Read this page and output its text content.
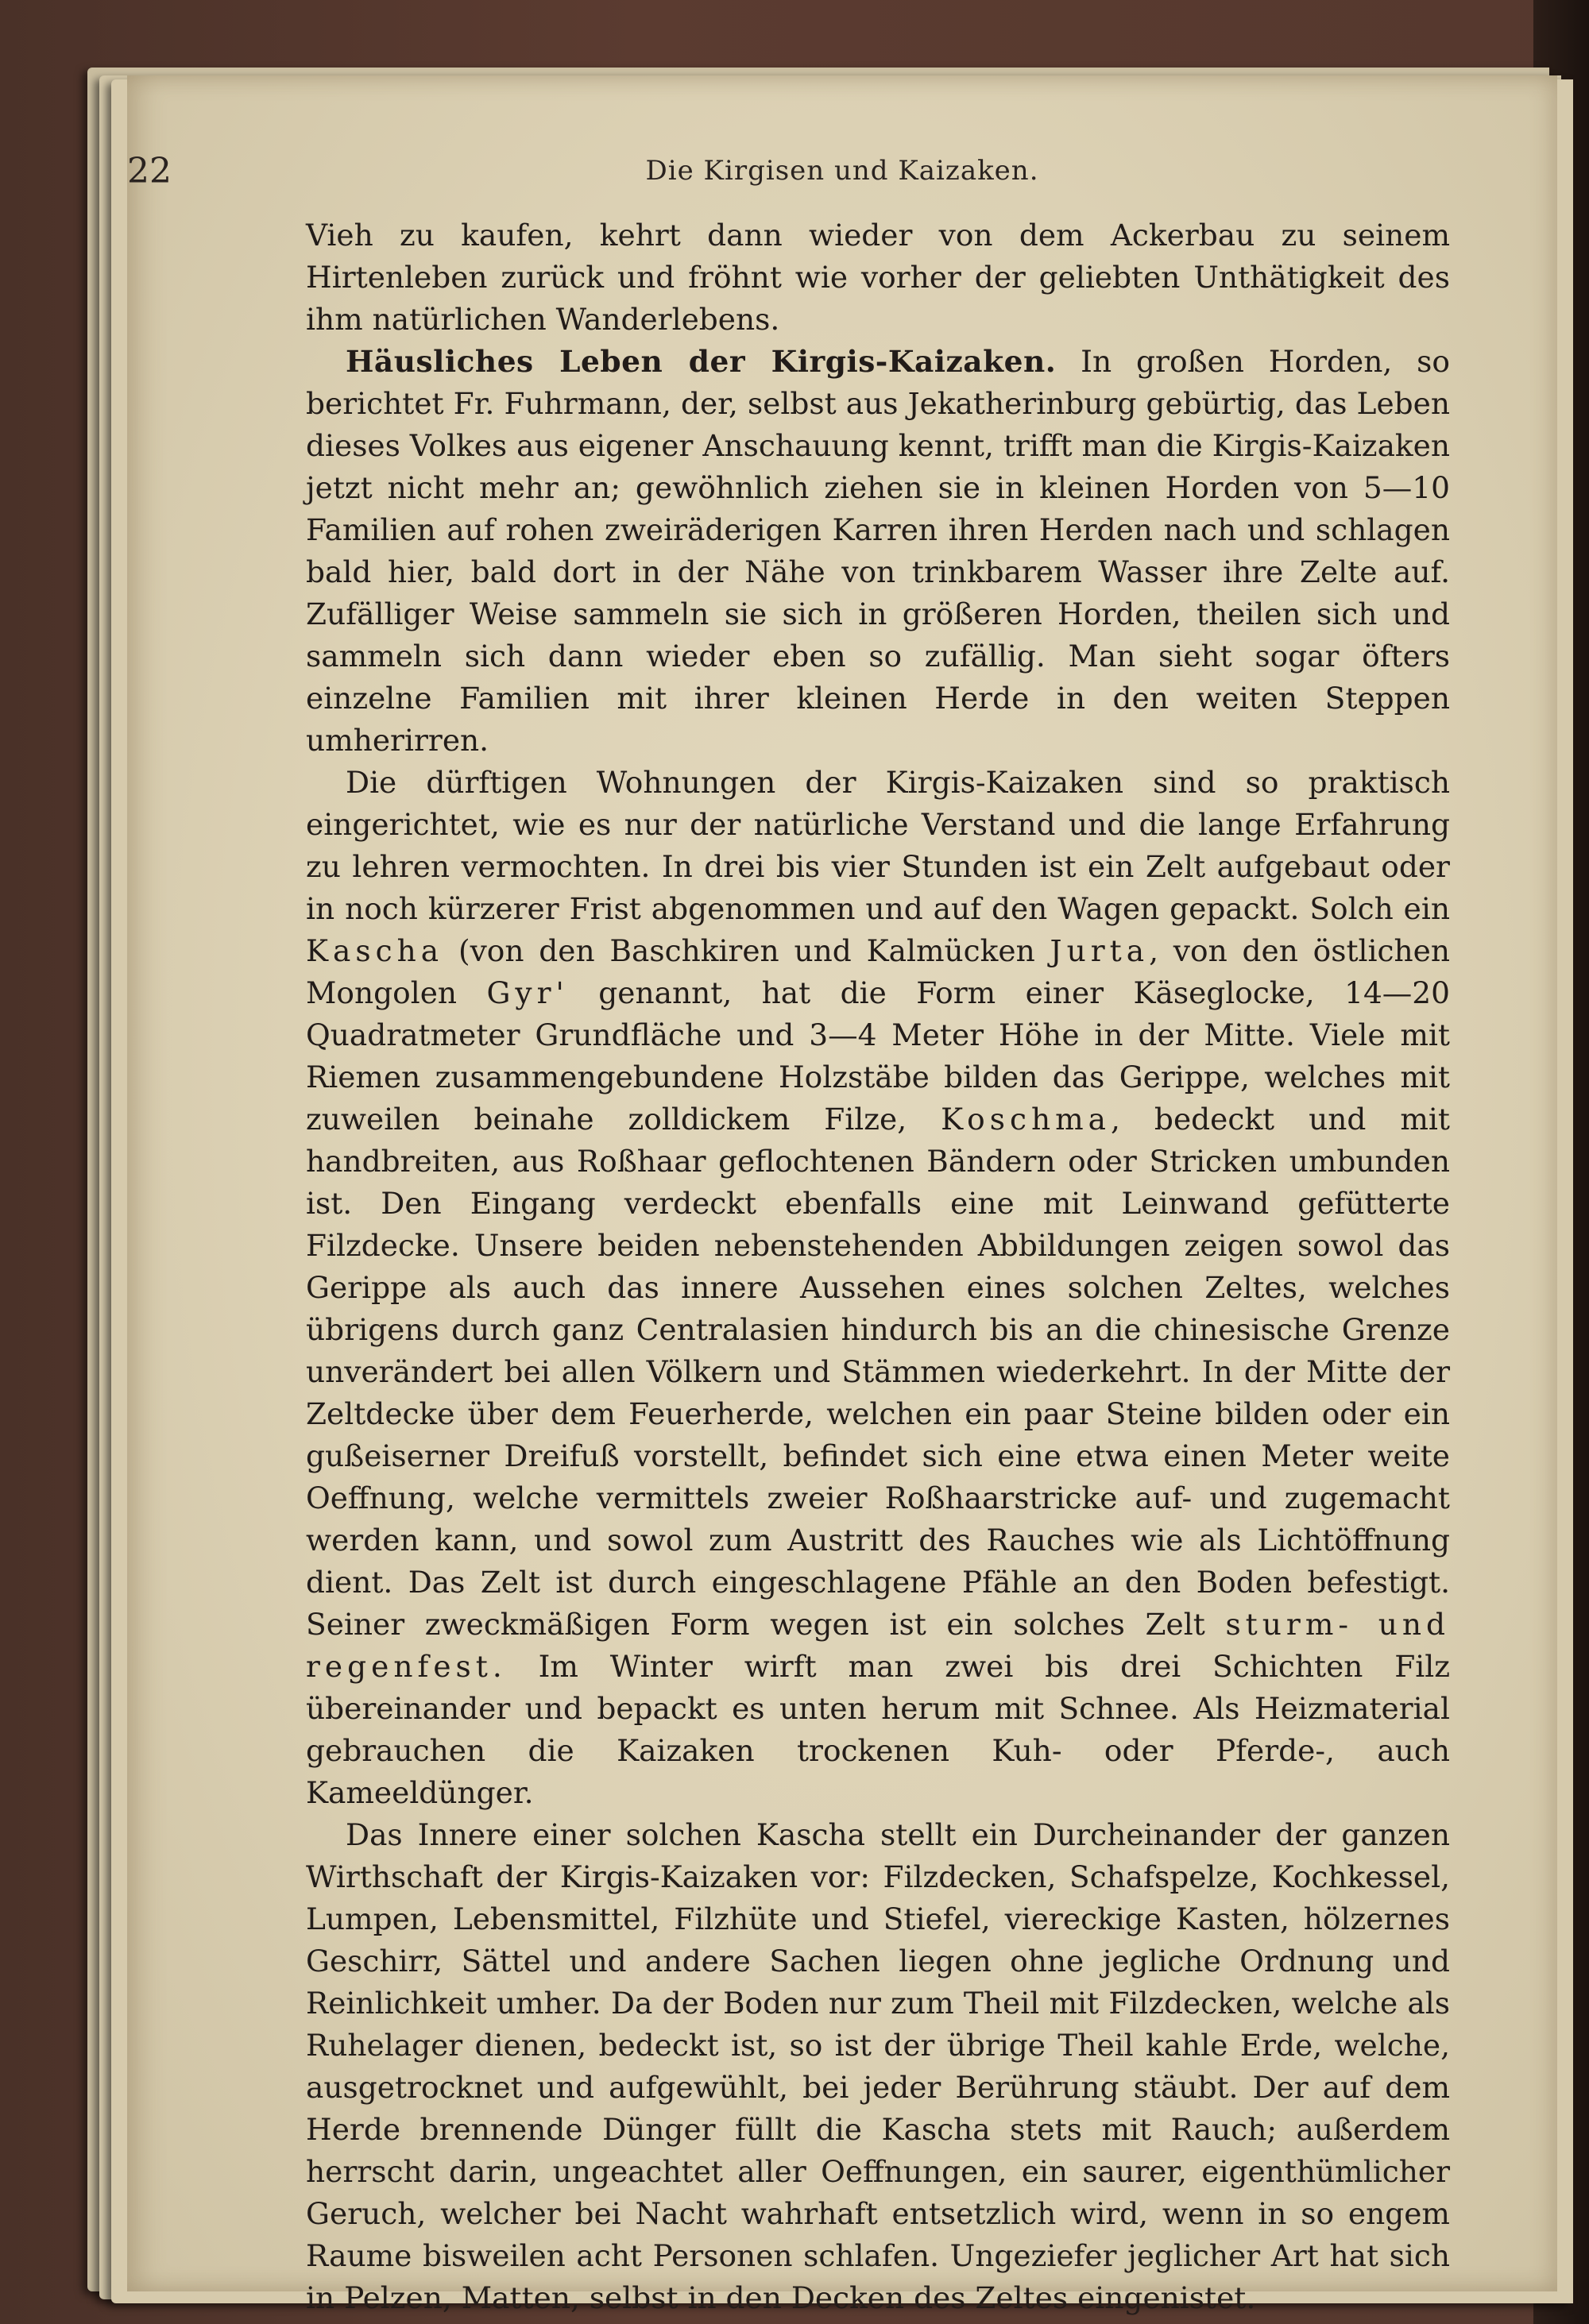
22	Die Kirgisen und Kaizaken.

Vieh zu kaufen, kehrt dann wieder von dem Ackerbau zu seinem Hirtenleben zurück und fröhnt wie vorher der geliebten Unthätigkeit des ihm natürlichen Wanderlebens.

Häusliches Leben der Kirgis-Kaizaken. In großen Horden, so berichtet Fr. Fuhrmann, der, selbst aus Jekatherinburg gebürtig, das Leben dieses Volkes aus eigener Anschauung kennt, trifft man die Kirgis-Kaizaken jetzt nicht mehr an; gewöhnlich ziehen sie in kleinen Horden von 5—10 Familien auf rohen zweiräderigen Karren ihren Herden nach und schlagen bald hier, bald dort in der Nähe von trinkbarem Wasser ihre Zelte auf. Zufälliger Weise sammeln sie sich in größeren Horden, theilen sich und sammeln sich dann wieder eben so zufällig. Man sieht sogar öfters einzelne Familien mit ihrer kleinen Herde in den weiten Steppen umherirren.

Die dürftigen Wohnungen der Kirgis-Kaizaken sind so praktisch eingerichtet, wie es nur der natürliche Verstand und die lange Erfahrung zu lehren vermochten. In drei bis vier Stunden ist ein Zelt aufgebaut oder in noch kürzerer Frist abgenommen und auf den Wagen gepackt. Solch ein Kascha (von den Baschkiren und Kalmücken Jurta, von den östlichen Mongolen Gyr' genannt, hat die Form einer Käseglocke, 14—20 Quadratmeter Grundfläche und 3—4 Meter Höhe in der Mitte. Viele mit Riemen zusammengebundene Holzstäbe bilden das Gerippe, welches mit zuweilen beinahe zolldickem Filze, Koschma, bedeckt und mit handbreiten, aus Roßhaar geflochtenen Bändern oder Stricken umbunden ist. Den Eingang verdeckt ebenfalls eine mit Leinwand gefütterte Filzdecke. Unsere beiden nebenstehenden Abbildungen zeigen sowol das Gerippe als auch das innere Aussehen eines solchen Zeltes, welches übrigens durch ganz Centralasien hindurch bis an die chinesische Grenze unverändert bei allen Völkern und Stämmen wiederkehrt. In der Mitte der Zeltdecke über dem Feuerherde, welchen ein paar Steine bilden oder ein gußeiserner Dreifuß vorstellt, befindet sich eine etwa einen Meter weite Oeffnung, welche vermittels zweier Roßhaarstricke auf- und zugemacht werden kann, und sowol zum Austritt des Rauches wie als Lichtöffnung dient. Das Zelt ist durch eingeschlagene Pfähle an den Boden befestigt. Seiner zweckmäßigen Form wegen ist ein solches Zelt sturm- und regenfest. Im Winter wirft man zwei bis drei Schichten Filz übereinander und bepackt es unten herum mit Schnee. Als Heizmaterial gebrauchen die Kaizaken trockenen Kuh- oder Pferde-, auch Kameeldünger.

Das Innere einer solchen Kascha stellt ein Durcheinander der ganzen Wirthschaft der Kirgis-Kaizaken vor: Filzdecken, Schafspelze, Kochkessel, Lumpen, Lebensmittel, Filzhüte und Stiefel, viereckige Kasten, hölzernes Geschirr, Sättel und andere Sachen liegen ohne jegliche Ordnung und Reinlichkeit umher. Da der Boden nur zum Theil mit Filzdecken, welche als Ruhelager dienen, bedeckt ist, so ist der übrige Theil kahle Erde, welche, ausgetrocknet und aufgewühlt, bei jeder Berührung stäubt. Der auf dem Herde brennende Dünger füllt die Kascha stets mit Rauch; außerdem herrscht darin, ungeachtet aller Oeffnungen, ein saurer, eigenthümlicher Geruch, welcher bei Nacht wahrhaft entsetzlich wird, wenn in so engem Raume bisweilen acht Personen schlafen. Ungeziefer jeglicher Art hat sich in Pelzen, Matten, selbst in den Decken des Zeltes eingenistet.
